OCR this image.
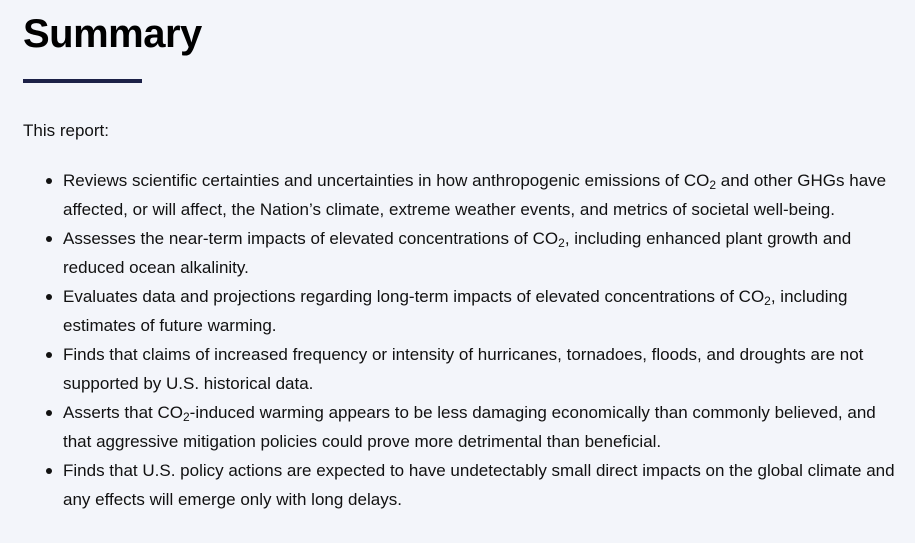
Summary

This report:

Reviews scientific certainties and uncertainties in how anthropogenic emissions of $CO_2$ and other GHGs have affected, or will affect, the Nation’s climate, extreme weather events, and metrics of societal well-being.
Assesses the near-term impacts of elevated concentrations of $CO_2$, including enhanced plant growth and reduced ocean alkalinity.
Evaluates data and projections regarding long-term impacts of elevated concentrations of $CO_2$, including estimates of future warming.
Finds that claims of increased frequency or intensity of hurricanes, tornadoes, floods, and droughts are not supported by U.S. historical data.
Asserts that $CO_2$-induced warming appears to be less damaging economically than commonly believed, and that aggressive mitigation policies could prove more detrimental than beneficial.
Finds that U.S. policy actions are expected to have undetectably small direct impacts on the global climate and any effects will emerge only with long delays.
